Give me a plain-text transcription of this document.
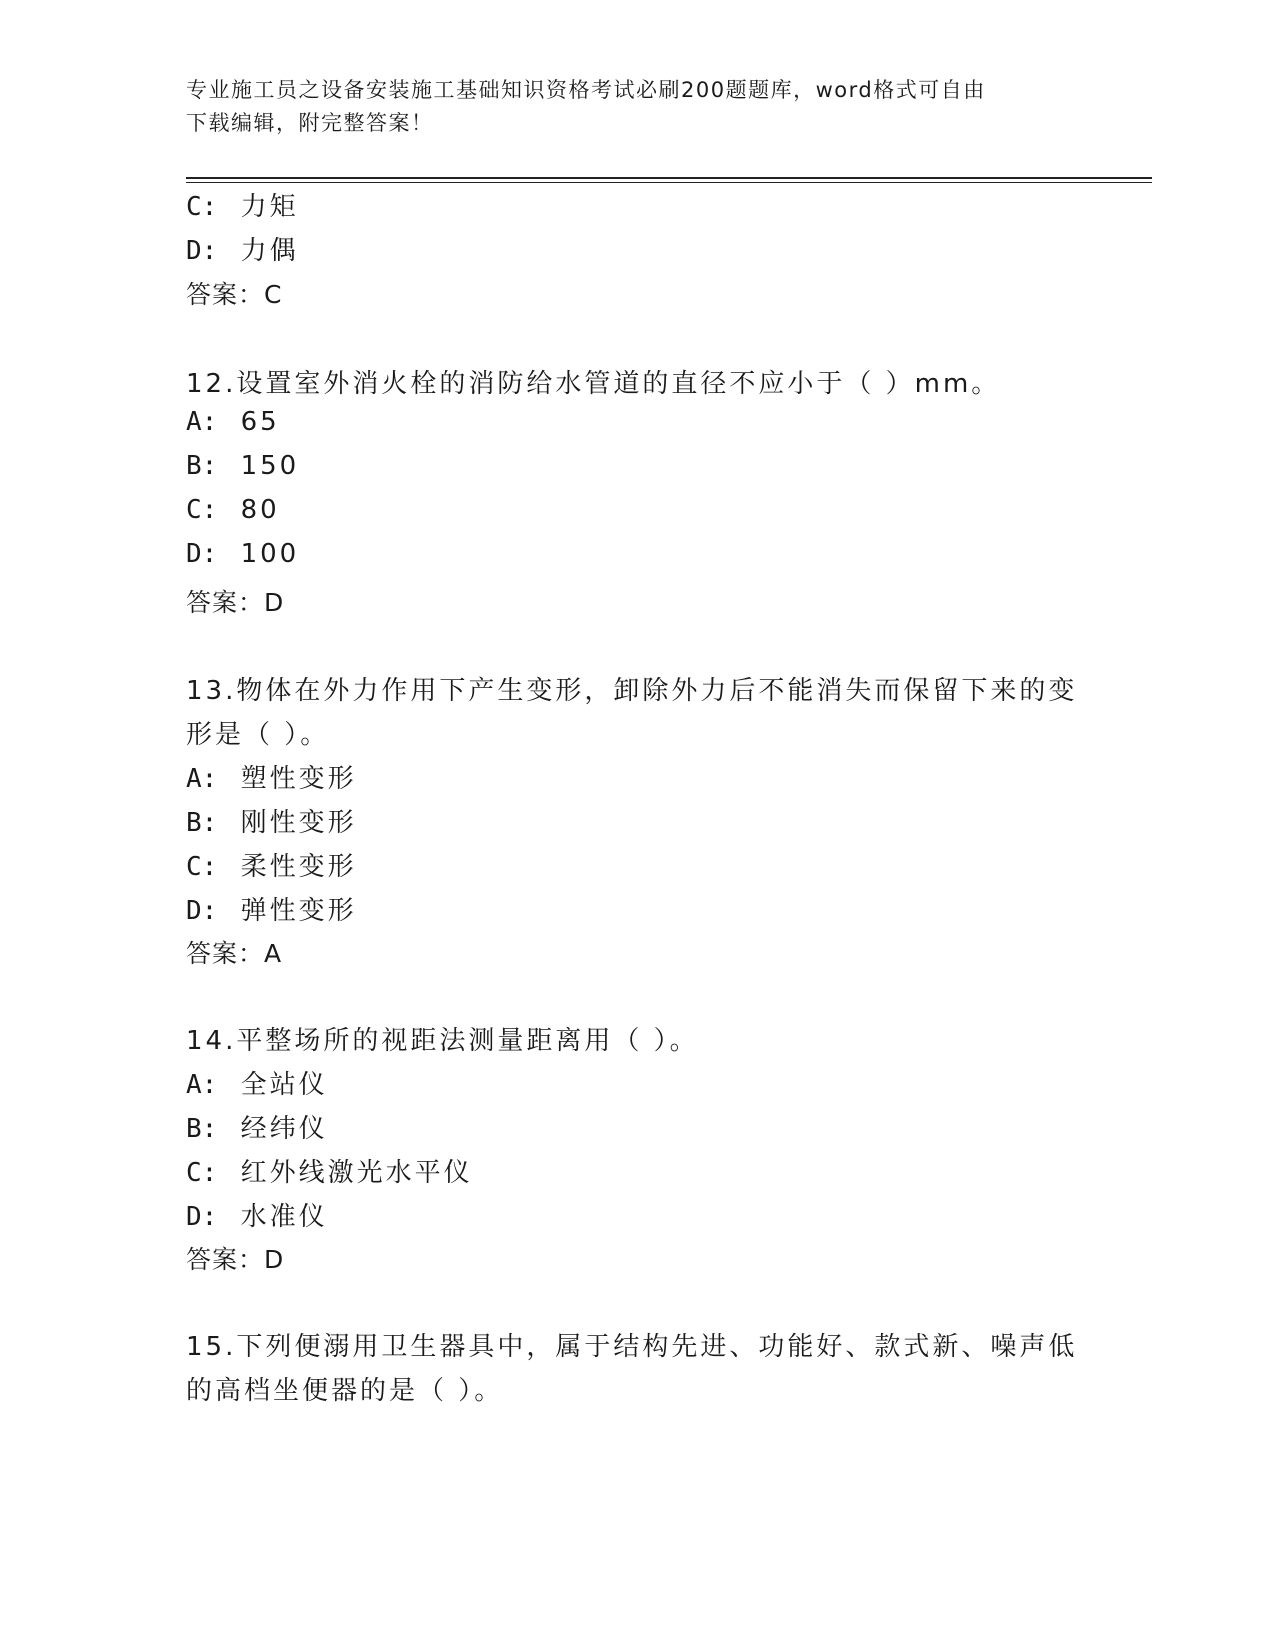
专业施工员之设备安装施工基础知识资格考试必刷200题题库，word格式可自由
下载编辑，附完整答案！
C: 力矩
D: 力偶
答案：C
12.设置室外消火栓的消防给水管道的直径不应小于（ ）mm。
A: 65
B: 150
C: 80
D: 100
答案：D
13.物体在外力作用下产生变形，卸除外力后不能消失而保留下来的变
形是（ ）。
A: 塑性变形
B: 刚性变形
C: 柔性变形
D: 弹性变形
答案：A
14.平整场所的视距法测量距离用（ ）。
A: 全站仪
B: 经纬仪
C: 红外线激光水平仪
D: 水准仪
答案：D
15.下列便溺用卫生器具中，属于结构先进、功能好、款式新、噪声低
的高档坐便器的是（ ）。
